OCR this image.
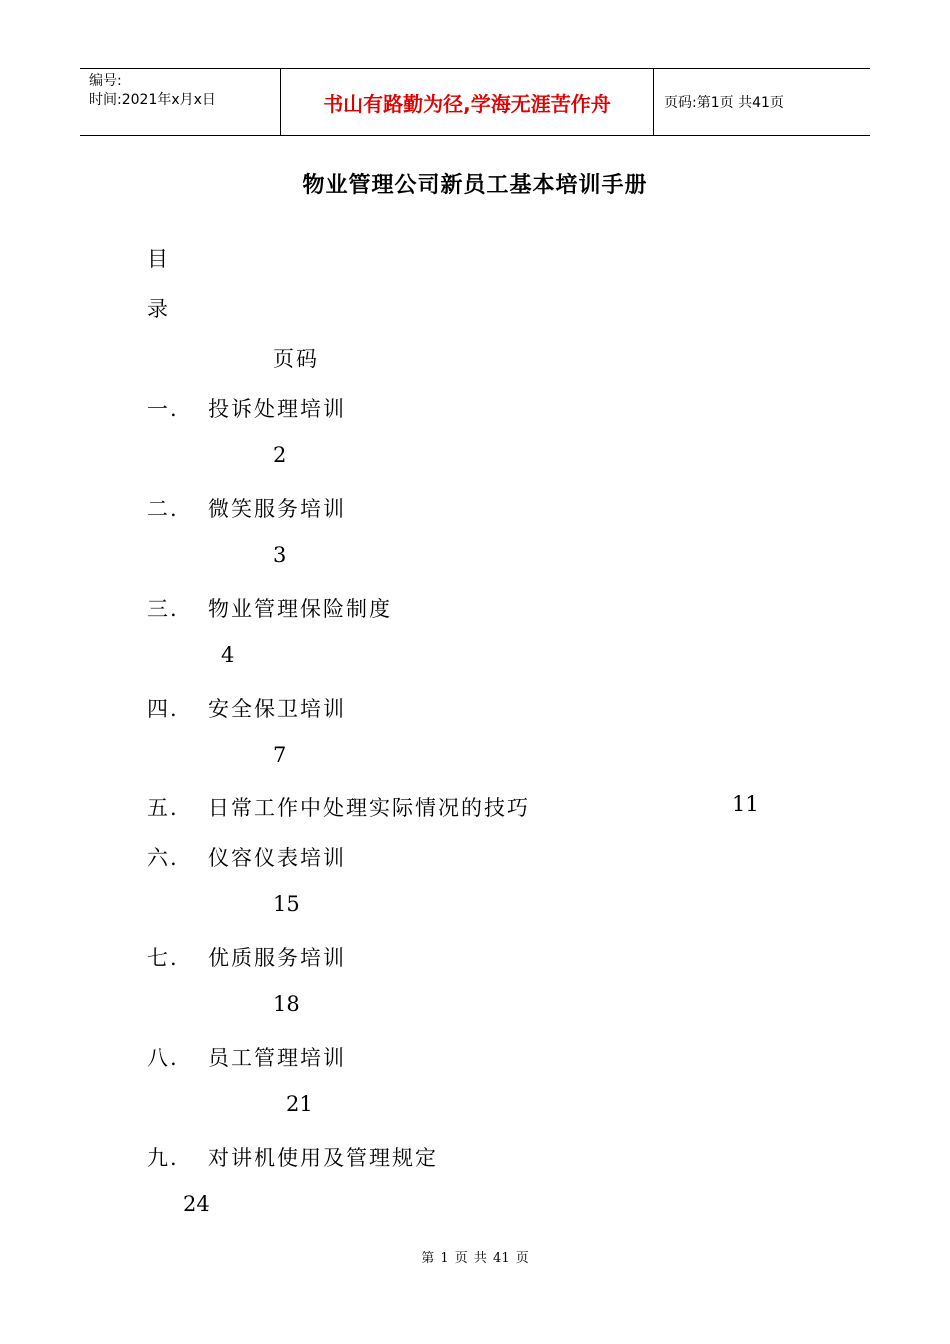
编号:
时间:2021年x月x日	书山有路勤为径,学海无涯苦作舟	页码:第1页 共41页
物业管理公司新员工基本培训手册
目
录
页码
一. 投诉处理培训
2
二. 微笑服务培训
3
三. 物业管理保险制度
4
四. 安全保卫培训
7
五. 日常工作中处理实际情况的技巧	11
六. 仪容仪表培训
15
七. 优质服务培训
18
八. 员工管理培训
21
九. 对讲机使用及管理规定
24
第 1 页 共 41 页
